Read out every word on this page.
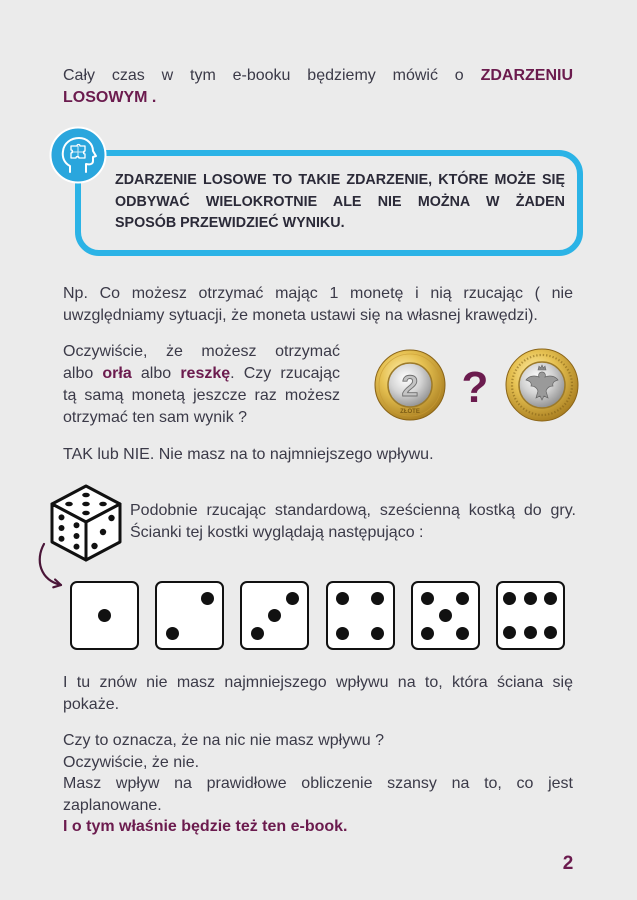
Cały czas w tym e-booku będziemy mówić o ZDARZENIU
LOSOWYM .
ZDARZENIE LOSOWE TO TAKIE ZDARZENIE, KTÓRE MOŻE SIĘ
ODBYWAĆ WIELOKROTNIE ALE NIE MOŻNA W ŻADEN
SPOSÓB PRZEWIDZIEĆ WYNIKU.
Np. Co możesz otrzymać mając 1 monetę i nią rzucając ( nie
uwzględniamy sytuacji, że moneta ustawi się na własnej krawędzi).
Oczywiście, że możesz otrzymać
albo orła albo reszkę. Czy rzucając
tą samą monetą jeszcze raz możesz
otrzymać ten sam wynik ?
2
ZŁOTE ?
TAK lub NIE. Nie masz na to najmniejszego wpływu.
Podobnie rzucając standardową, sześcienną kostką do gry.
Ścianki tej kostki wyglądają następująco :
I tu znów nie masz najmniejszego wpływu na to, która ściana się
pokaże.
Czy to oznacza, że na nic nie masz wpływu ?
Oczywiście, że nie.
Masz wpływ na prawidłowe obliczenie szansy na to, co jest
zaplanowane.
I o tym właśnie będzie też ten e-book.
2
